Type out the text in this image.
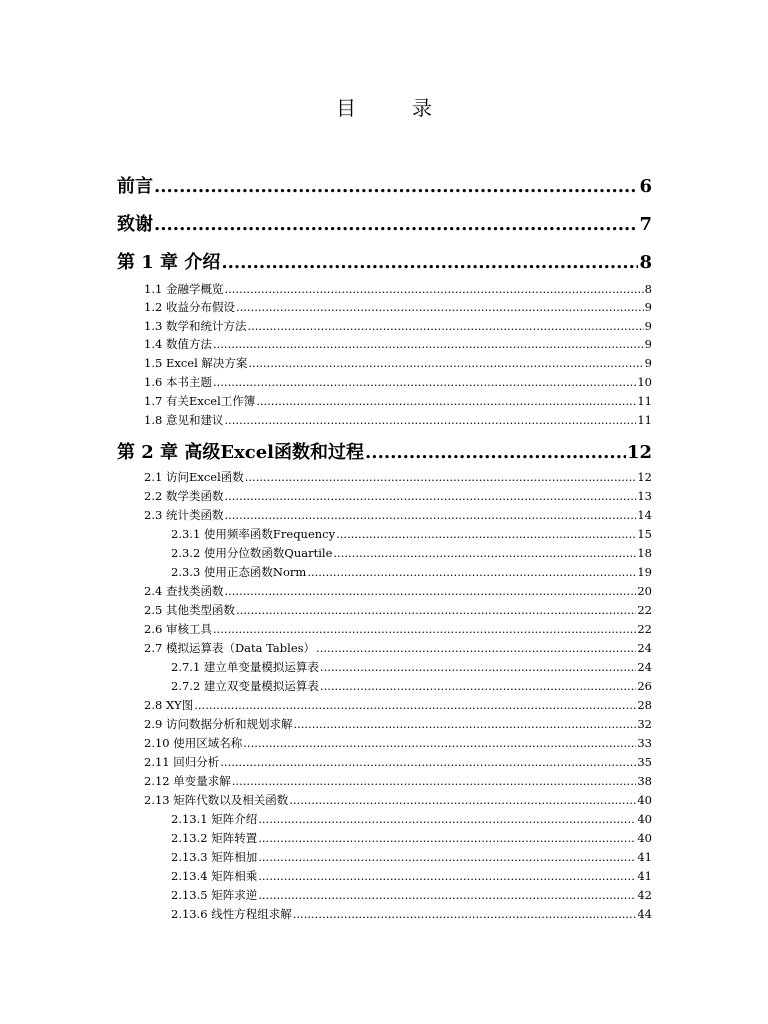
目　录
前言 .....	6
致谢 .....	7
第 1 章 介绍 .....	8
1.1 金融学概览 .....	8
1.2 收益分布假设 .....	9
1.3 数学和统计方法 .....	9
1.4 数值方法 .....	9
1.5 Excel 解决方案 .....	9
1.6 本书主题 .....	10
1.7 有关Excel工作簿 .....	11
1.8 意见和建议 .....	11
第 2 章 高级Excel函数和过程 .....	12
2.1 访问Excel函数 .....	12
2.2 数学类函数 .....	13
2.3 统计类函数 .....	14
2.3.1 使用频率函数Frequency .....	15
2.3.2 使用分位数函数Quartile .....	18
2.3.3 使用正态函数Norm .....	19
2.4 查找类函数 .....	20
2.5 其他类型函数 .....	22
2.6 审核工具 .....	22
2.7 模拟运算表（Data Tables） .....	24
2.7.1 建立单变量模拟运算表 .....	24
2.7.2 建立双变量模拟运算表 .....	26
2.8 XY图 .....	28
2.9 访问数据分析和规划求解 .....	32
2.10 使用区域名称 .....	33
2.11 回归分析 .....	35
2.12 单变量求解 .....	38
2.13 矩阵代数以及相关函数 .....	40
2.13.1 矩阵介绍 .....	40
2.13.2 矩阵转置 .....	40
2.13.3 矩阵相加 .....	41
2.13.4 矩阵相乘 .....	41
2.13.5 矩阵求逆 .....	42
2.13.6 线性方程组求解 .....	44
